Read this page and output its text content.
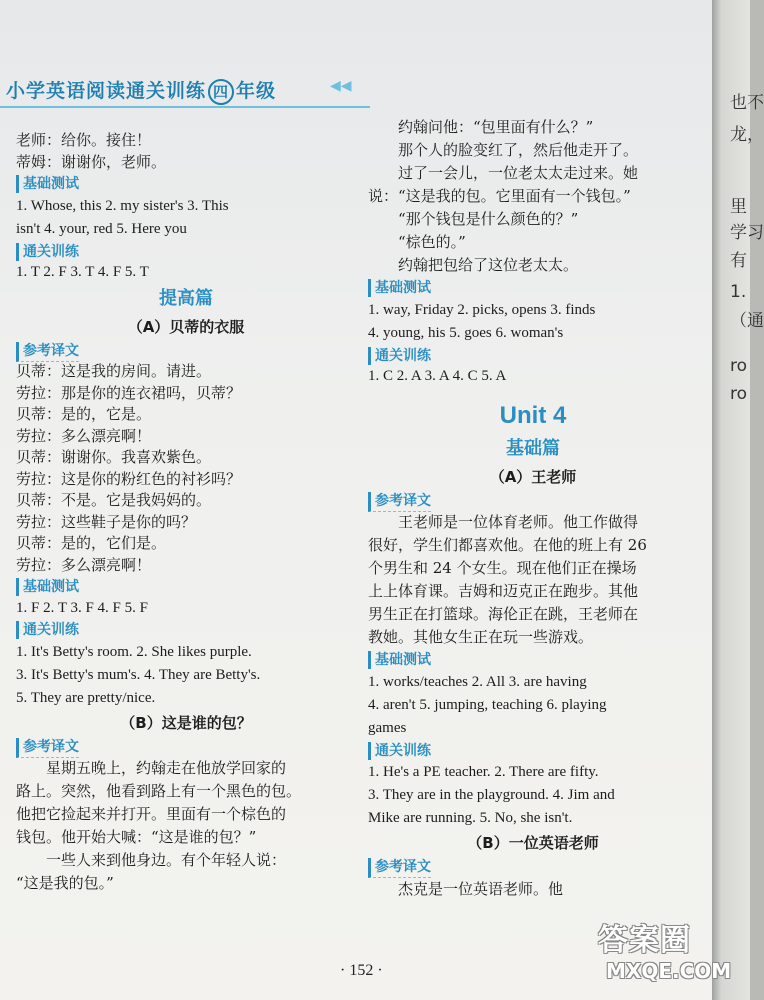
小学英语阅读通关训练 四 年级	◀◀
老师：给你。接住！
蒂姆：谢谢你，老师。
基础测试
1. Whose, this 2. my sister's 3. This
isn't 4. your, red 5. Here you
通关训练
1. T 2. F 3. T 4. F 5. T
提高篇
（A）贝蒂的衣服
参考译文
贝蒂：这是我的房间。请进。
劳拉：那是你的连衣裙吗，贝蒂？
贝蒂：是的，它是。
劳拉：多么漂亮啊！
贝蒂：谢谢你。我喜欢紫色。
劳拉：这是你的粉红色的衬衫吗？
贝蒂：不是。它是我妈妈的。
劳拉：这些鞋子是你的吗？
贝蒂：是的，它们是。
劳拉：多么漂亮啊！
基础测试
1. F 2. T 3. F 4. F 5. F
通关训练
1. It's Betty's room. 2. She likes purple.
3. It's Betty's mum's. 4. They are Betty's.
5. They are pretty/nice.
（B）这是谁的包？
参考译文
星期五晚上，约翰走在他放学回家的
路上。突然，他看到路上有一个黑色的包。
他把它捡起来并打开。里面有一个棕色的
钱包。他开始大喊：“这是谁的包？”
一些人来到他身边。有个年轻人说：
“这是我的包。”
约翰问他：“包里面有什么？”
那个人的脸变红了，然后他走开了。
过了一会儿，一位老太太走过来。她
说：“这是我的包。它里面有一个钱包。”
“那个钱包是什么颜色的？”
“棕色的。”
约翰把包给了这位老太太。
基础测试
1. way, Friday 2. picks, opens 3. finds
4. young, his 5. goes 6. woman's
通关训练
1. C 2. A 3. A 4. C 5. A
Unit 4
基础篇
（A）王老师
参考译文
王老师是一位体育老师。他工作做得
很好，学生们都喜欢他。在他的班上有 26
个男生和 24 个女生。现在他们正在操场
上上体育课。吉姆和迈克正在跑步。其他
男生正在打篮球。海伦正在跳，王老师在
教她。其他女生正在玩一些游戏。
基础测试
1. works/teaches 2. All 3. are having
4. aren't 5. jumping, teaching 6. playing
games
通关训练
1. He's a PE teacher. 2. There are fifty.
3. They are in the playground. 4. Jim and
Mike are running. 5. No, she isn't.
（B）一位英语老师
参考译文
杰克是一位英语老师。他
· 152 ·
也不
龙，
里
学习
有
1.
（通
ro
ro
答案圈
MXQE.COM
